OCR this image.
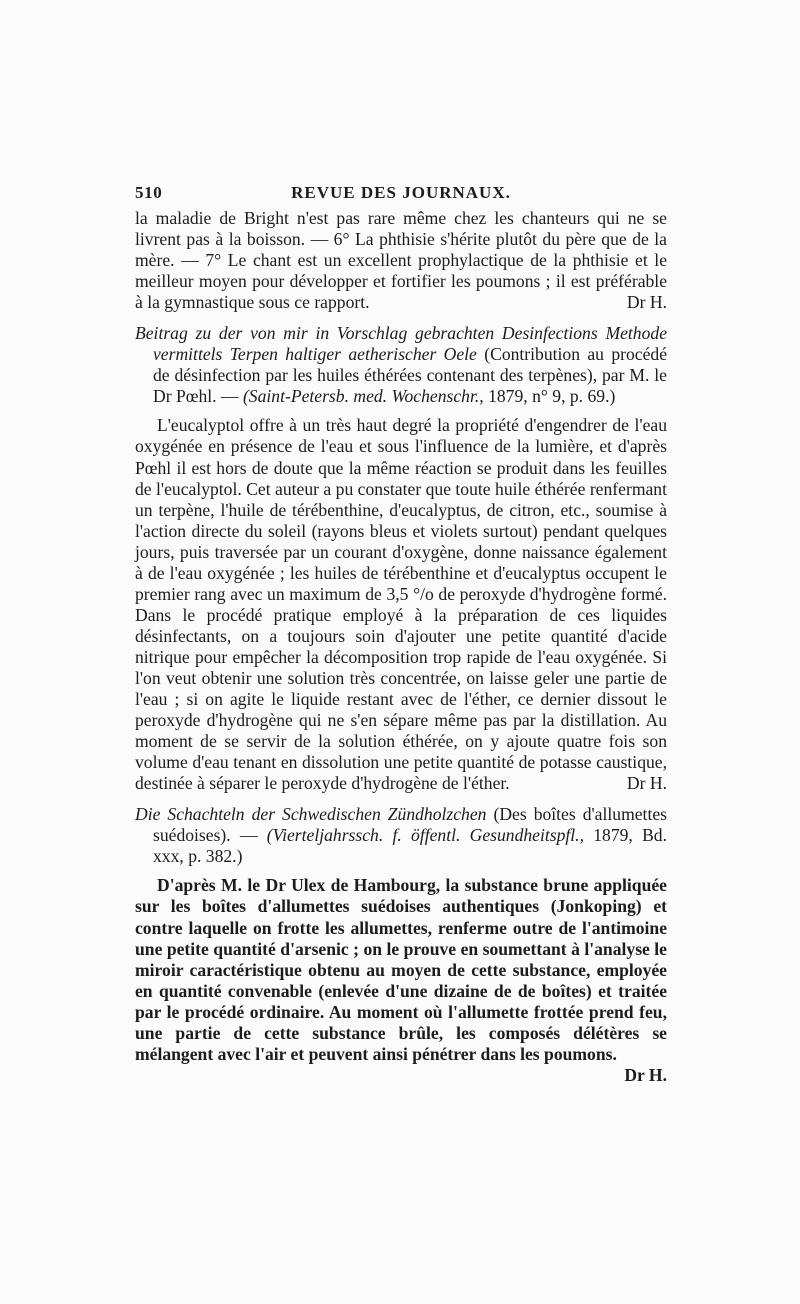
510	REVUE DES JOURNAUX.

la maladie de Bright n'est pas rare même chez les chanteurs qui ne se livrent pas à la boisson. — 6° La phthisie s'hérite plutôt du père que de la mère. — 7° Le chant est un excellent prophylactique de la phthisie et le meilleur moyen pour développer et fortifier les poumons ; il est préférable à la gymnastique sous ce rapport.	Dr H.

Beitrag zu der von mir in Vorschlag gebrachten Desinfections Methode vermittels Terpen haltiger aetherischer Oele (Contribution au procédé de désinfection par les huiles éthérées contenant des terpènes), par M. le Dr Pœhl. — (Saint-Petersb. med. Wochenschr., 1879, n° 9, p. 69.)

L'eucalyptol offre à un très haut degré la propriété d'engendrer de l'eau oxygénée en présence de l'eau et sous l'influence de la lumière, et d'après Pœhl il est hors de doute que la même réaction se produit dans les feuilles de l'eucalyptol. Cet auteur a pu constater que toute huile éthérée renfermant un terpène, l'huile de térébenthine, d'eucalyptus, de citron, etc., soumise à l'action directe du soleil (rayons bleus et violets surtout) pendant quelques jours, puis traversée par un courant d'oxygène, donne naissance également à de l'eau oxygénée ; les huiles de térébenthine et d'eucalyptus occupent le premier rang avec un maximum de 3,5 °/o de peroxyde d'hydrogène formé. Dans le procédé pratique employé à la préparation de ces liquides désinfectants, on a toujours soin d'ajouter une petite quantité d'acide nitrique pour empêcher la décomposition trop rapide de l'eau oxygénée. Si l'on veut obtenir une solution très concentrée, on laisse geler une partie de l'eau ; si on agite le liquide restant avec de l'éther, ce dernier dissout le peroxyde d'hydrogène qui ne s'en sépare même pas par la distillation. Au moment de se servir de la solution éthérée, on y ajoute quatre fois son volume d'eau tenant en dissolution une petite quantité de potasse caustique, destinée à séparer le peroxyde d'hydrogène de l'éther.	Dr H.

Die Schachteln der Schwedischen Zündholzchen (Des boîtes d'allumettes suédoises). — (Vierteljahrssch. f. öffentl. Gesundheitspfl., 1879, Bd. xxx, p. 382.)

D'après M. le Dr Ulex de Hambourg, la substance brune appliquée sur les boîtes d'allumettes suédoises authentiques (Jonkoping) et contre laquelle on frotte les allumettes, renferme outre de l'antimoine une petite quantité d'arsenic ; on le prouve en soumettant à l'analyse le miroir caractéristique obtenu au moyen de cette substance, employée en quantité convenable (enlevée d'une dizaine de de boîtes) et traitée par le procédé ordinaire. Au moment où l'allumette frottée prend feu, une partie de cette substance brûle, les composés délétères se mélangent avec l'air et peuvent ainsi pénétrer dans les poumons.
Dr H.
